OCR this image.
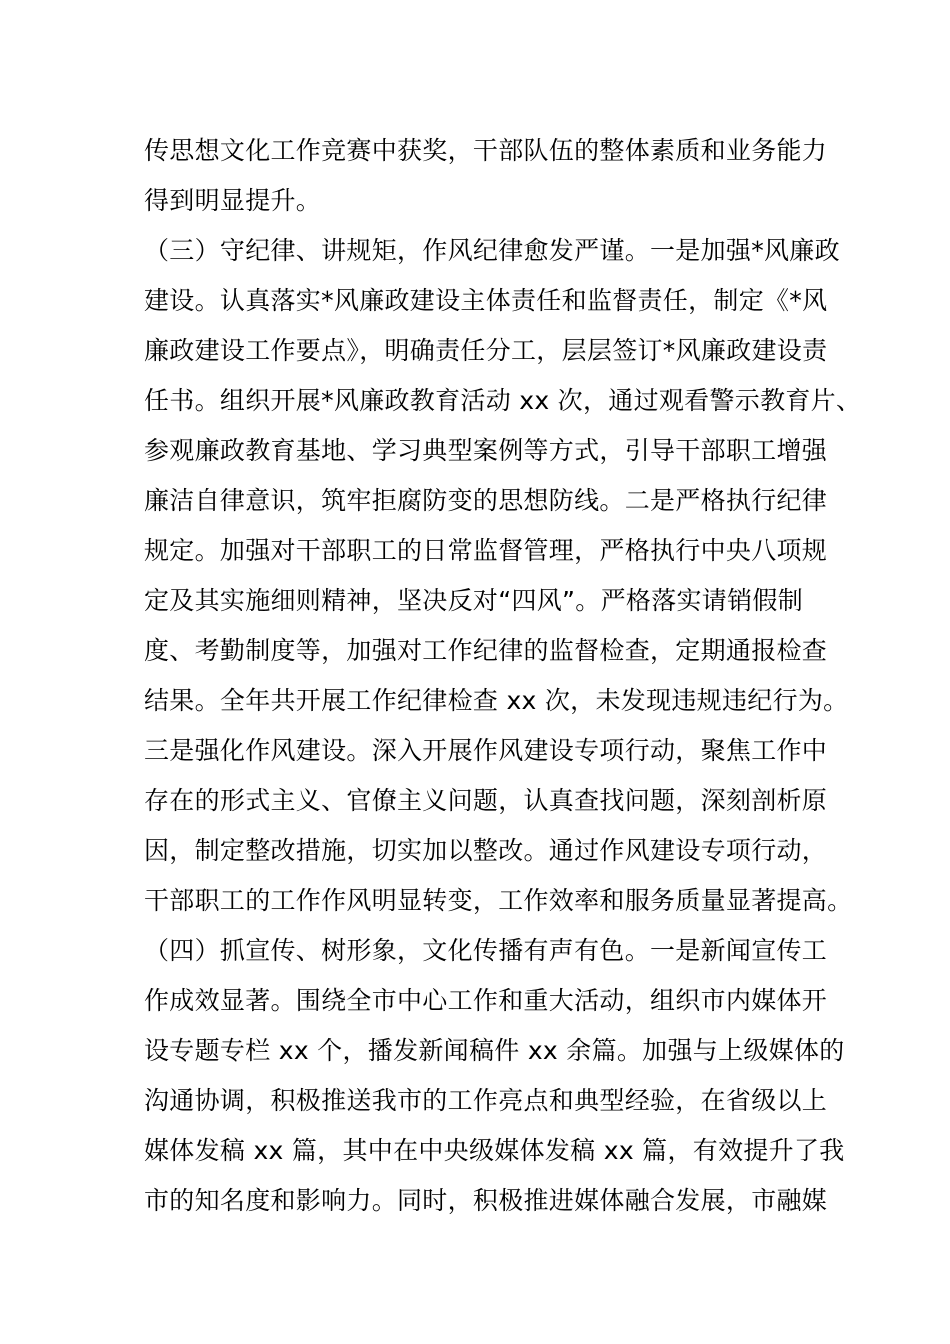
传思想文化工作竞赛中获奖，干部队伍的整体素质和业务能力
得到明显提升。
（三）守纪律、讲规矩，作风纪律愈发严谨。一是加强*风廉政
建设。认真落实*风廉政建设主体责任和监督责任，制定《*风
廉政建设工作要点》，明确责任分工，层层签订*风廉政建设责
任书。组织开展*风廉政教育活动 xx 次，通过观看警示教育片、
参观廉政教育基地、学习典型案例等方式，引导干部职工增强
廉洁自律意识，筑牢拒腐防变的思想防线。二是严格执行纪律
规定。加强对干部职工的日常监督管理，严格执行中央八项规
定及其实施细则精神，坚决反对“四风”。严格落实请销假制
度、考勤制度等，加强对工作纪律的监督检查，定期通报检查
结果。全年共开展工作纪律检查 xx 次，未发现违规违纪行为。
三是强化作风建设。深入开展作风建设专项行动，聚焦工作中
存在的形式主义、官僚主义问题，认真查找问题，深刻剖析原
因，制定整改措施，切实加以整改。通过作风建设专项行动，
干部职工的工作作风明显转变，工作效率和服务质量显著提高。
（四）抓宣传、树形象，文化传播有声有色。一是新闻宣传工
作成效显著。围绕全市中心工作和重大活动，组织市内媒体开
设专题专栏 xx 个，播发新闻稿件 xx 余篇。加强与上级媒体的
沟通协调，积极推送我市的工作亮点和典型经验，在省级以上
媒体发稿 xx 篇，其中在中央级媒体发稿 xx 篇，有效提升了我
市的知名度和影响力。同时，积极推进媒体融合发展，市融媒
